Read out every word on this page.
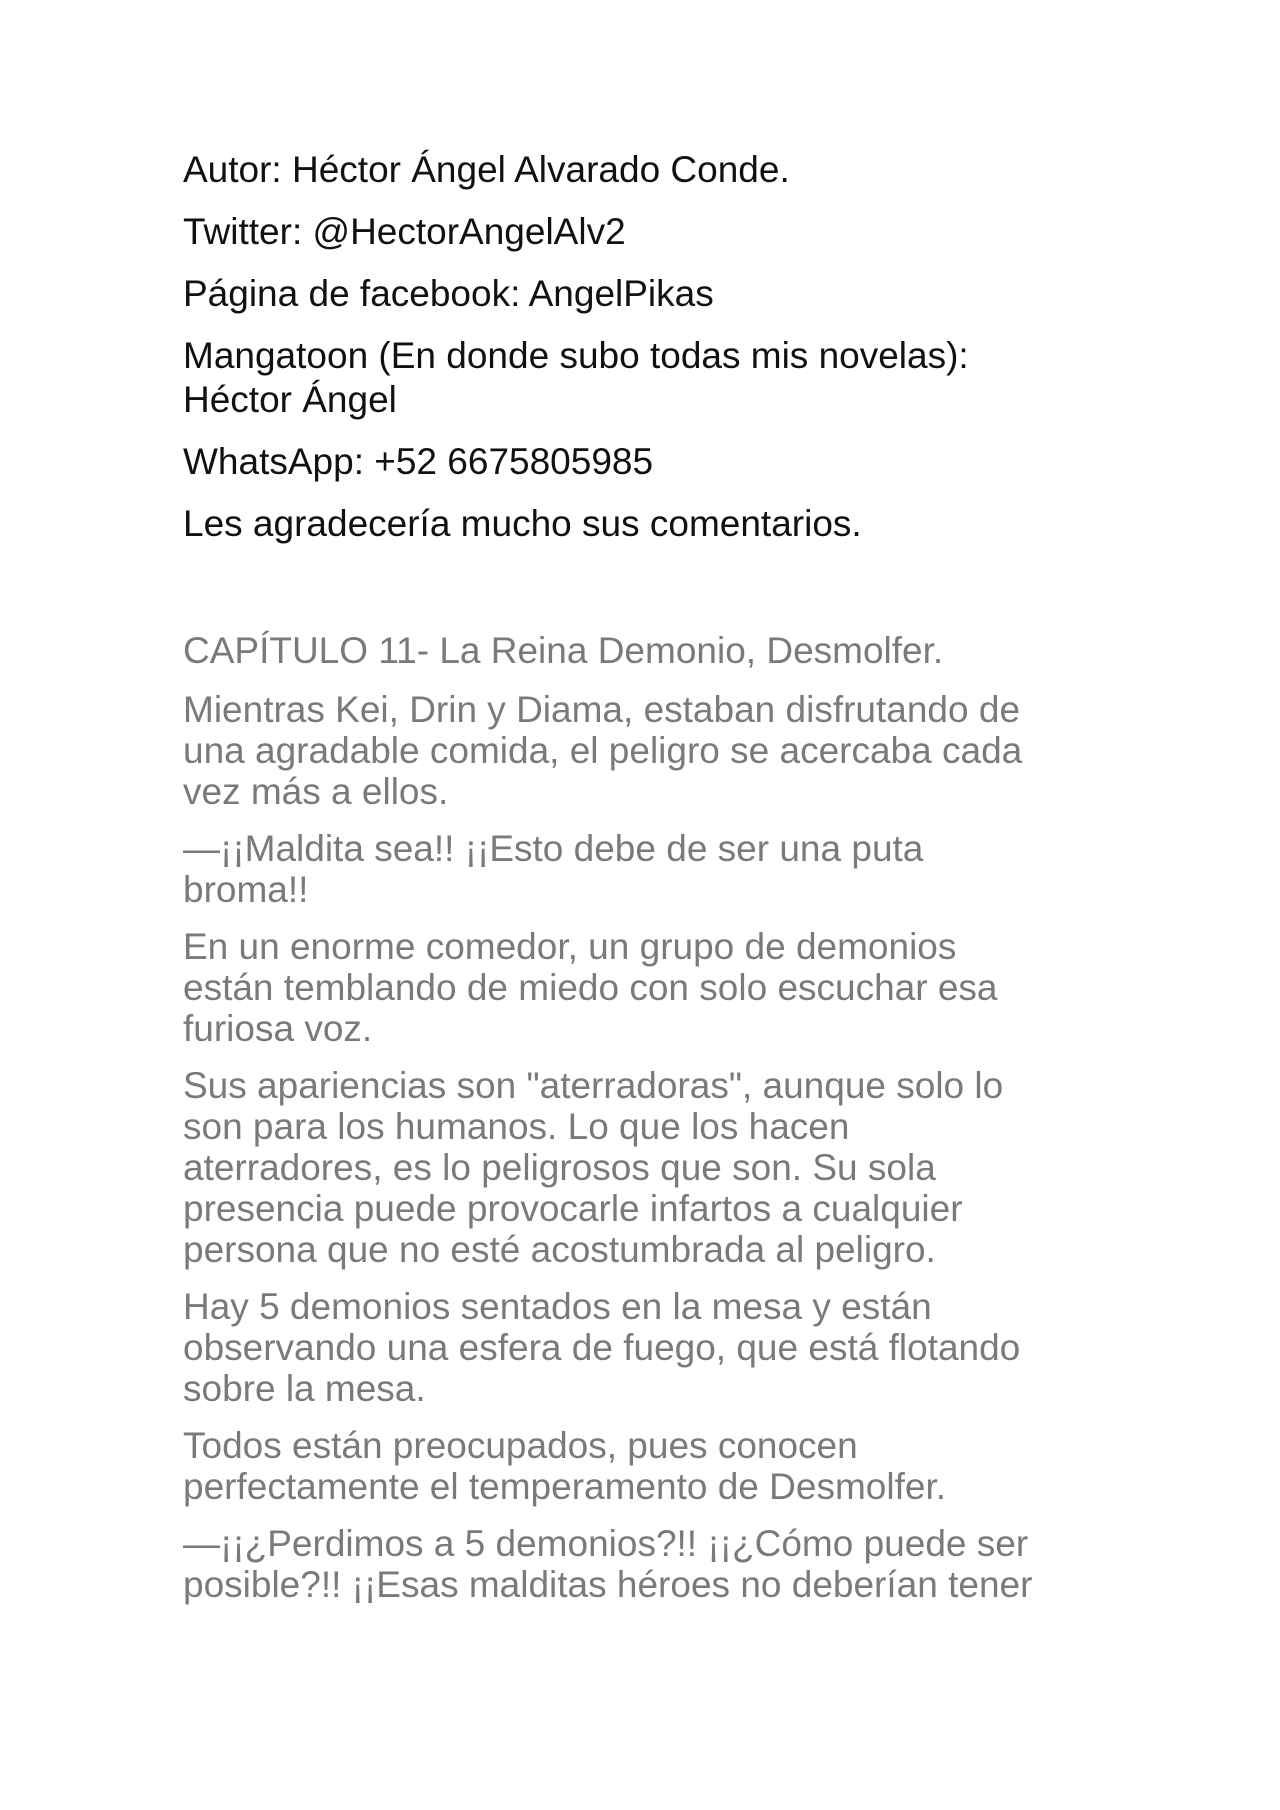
Autor: Héctor Ángel Alvarado Conde.

Twitter: @HectorAngelAlv2

Página de facebook: AngelPikas

Mangatoon (En donde subo todas mis novelas):
Héctor Ángel

WhatsApp: +52 6675805985

Les agradecería mucho sus comentarios.

CAPÍTULO 11- La Reina Demonio, Desmolfer.

Mientras Kei, Drin y Diama, estaban disfrutando de
una agradable comida, el peligro se acercaba cada
vez más a ellos.

—¡¡Maldita sea!! ¡¡Esto debe de ser una puta
broma!!

En un enorme comedor, un grupo de demonios
están temblando de miedo con solo escuchar esa
furiosa voz.

Sus apariencias son "aterradoras", aunque solo lo
son para los humanos. Lo que los hacen
aterradores, es lo peligrosos que son. Su sola
presencia puede provocarle infartos a cualquier
persona que no esté acostumbrada al peligro.

Hay 5 demonios sentados en la mesa y están
observando una esfera de fuego, que está flotando
sobre la mesa.

Todos están preocupados, pues conocen
perfectamente el temperamento de Desmolfer.

—¡¡¿Perdimos a 5 demonios?!! ¡¡¿Cómo puede ser
posible?!! ¡¡Esas malditas héroes no deberían tener
